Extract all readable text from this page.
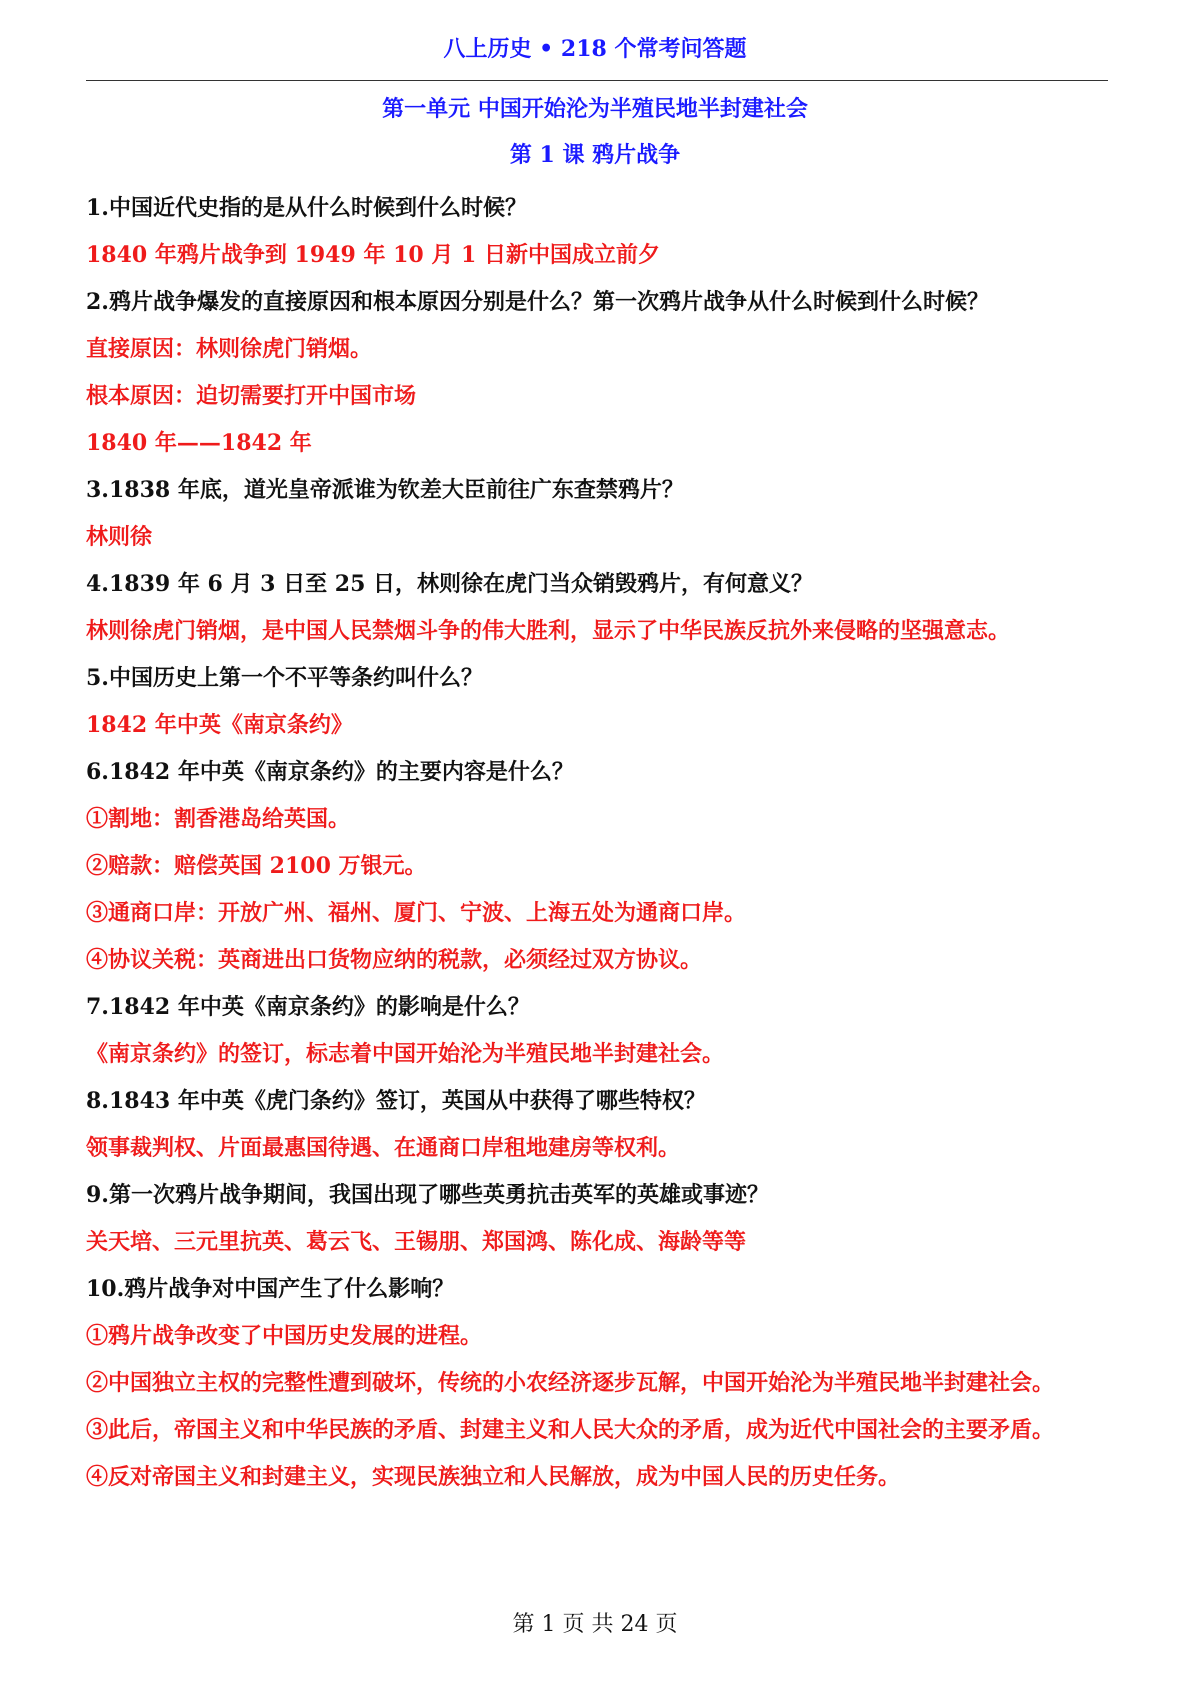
八上历史 • 218 个常考问答题
第一单元 中国开始沦为半殖民地半封建社会
第 1 课 鸦片战争

1.中国近代史指的是从什么时候到什么时候？

1840 年鸦片战争到 1949 年 10 月 1 日新中国成立前夕

2.鸦片战争爆发的直接原因和根本原因分别是什么？第一次鸦片战争从什么时候到什么时候？

直接原因：林则徐虎门销烟。

根本原因：迫切需要打开中国市场

1840 年——1842 年

3.1838 年底，道光皇帝派谁为钦差大臣前往广东查禁鸦片？

林则徐

4.1839 年 6 月 3 日至 25 日，林则徐在虎门当众销毁鸦片，有何意义？

林则徐虎门销烟，是中国人民禁烟斗争的伟大胜利，显示了中华民族反抗外来侵略的坚强意志。

5.中国历史上第一个不平等条约叫什么？

1842 年中英《南京条约》

6.1842 年中英《南京条约》的主要内容是什么？

①割地：割香港岛给英国。

②赔款：赔偿英国 2100 万银元。

③通商口岸：开放广州、福州、厦门、宁波、上海五处为通商口岸。

④协议关税：英商进出口货物应纳的税款，必须经过双方协议。

7.1842 年中英《南京条约》的影响是什么？

《南京条约》的签订，标志着中国开始沦为半殖民地半封建社会。

8.1843 年中英《虎门条约》签订，英国从中获得了哪些特权？

领事裁判权、片面最惠国待遇、在通商口岸租地建房等权利。

9.第一次鸦片战争期间，我国出现了哪些英勇抗击英军的英雄或事迹？

关天培、三元里抗英、葛云飞、王锡朋、郑国鸿、陈化成、海龄等等

10.鸦片战争对中国产生了什么影响？

①鸦片战争改变了中国历史发展的进程。

②中国独立主权的完整性遭到破坏，传统的小农经济逐步瓦解，中国开始沦为半殖民地半封建社会。

③此后，帝国主义和中华民族的矛盾、封建主义和人民大众的矛盾，成为近代中国社会的主要矛盾。

④反对帝国主义和封建主义，实现民族独立和人民解放，成为中国人民的历史任务。

第 1 页 共 24 页
